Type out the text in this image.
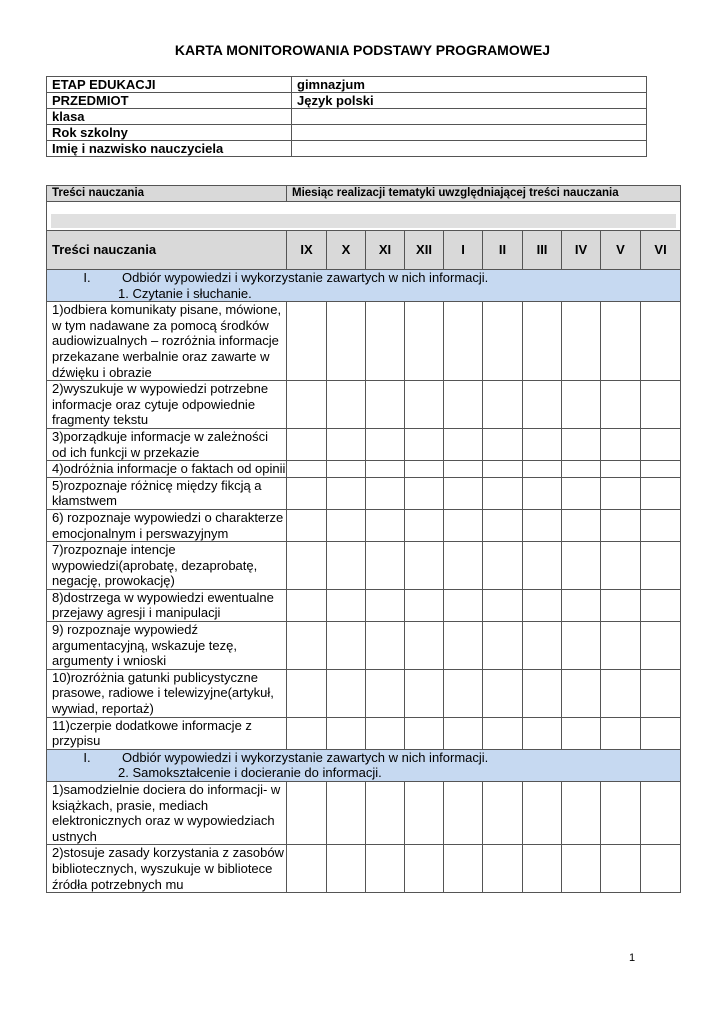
KARTA MONITOROWANIA PODSTAWY PROGRAMOWEJ
ETAP EDUKACJI	gimnazjum
PRZEDMIOT	Język polski
klasa	
Rok szkolny	
Imię i nazwisko nauczyciela	
Treści nauczania	Miesiąc realizacji tematyki uwzględniającej treści nauczania									

Treści nauczania	IX	X	XI	XII	I	II	III	IV	V	VI

I. Odbiór wypowiedzi i wykorzystanie zawartych w nich informacji.
1. Czytanie i słuchanie.										

1)odbiera komunikaty pisane, mówione, w tym nadawane za pomocą środków audiowizualnych – rozróżnia informacje przekazane werbalnie oraz zawarte w dźwięku i obrazie										
2)wyszukuje w wypowiedzi potrzebne informacje oraz cytuje odpowiednie fragmenty tekstu										
3)porządkuje informacje w zależności od ich funkcji w przekazie										
4)odróżnia informacje o faktach od opinii										
5)rozpoznaje różnicę między fikcją a kłamstwem										
6) rozpoznaje wypowiedzi o charakterze emocjonalnym i perswazyjnym										
7)rozpoznaje intencje wypowiedzi(aprobatę, dezaprobatę, negację, prowokację)										
8)dostrzega w wypowiedzi ewentualne przejawy agresji i manipulacji										
9) rozpoznaje wypowiedź argumentacyjną, wskazuje tezę, argumenty i wnioski										
10)rozróżnia gatunki publicystyczne prasowe, radiowe i telewizyjne(artykuł, wywiad, reportaż)										
11)czerpie dodatkowe informacje z przypisu										

I. Odbiór wypowiedzi i wykorzystanie zawartych w nich informacji.
2. Samokształcenie i docieranie do informacji.										

1)samodzielnie dociera do informacji- w książkach, prasie, mediach elektronicznych oraz w wypowiedziach ustnych										
2)stosuje zasady korzystania z zasobów bibliotecznych, wyszukuje w bibliotece źródła potrzebnych mu										
1
